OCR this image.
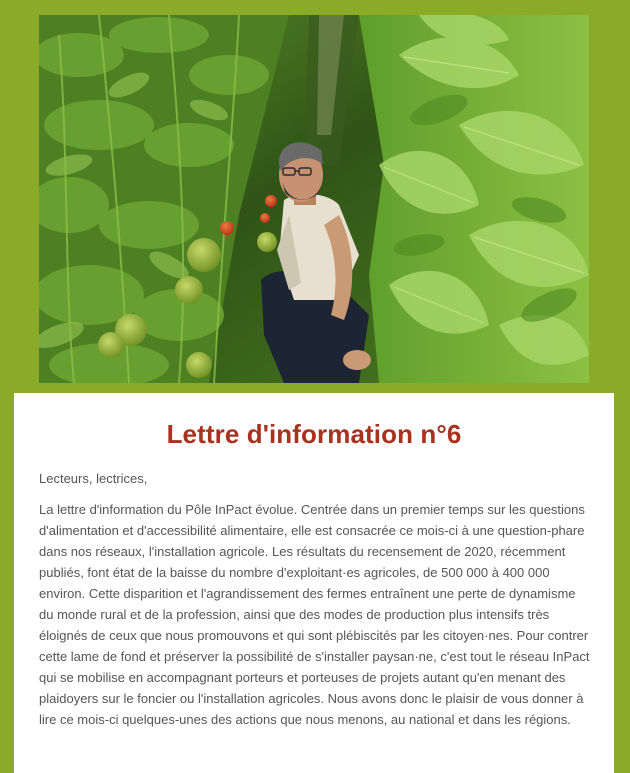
Lettre d'information n°6

Lecteurs, lectrices,

La lettre d'information du Pôle InPact évolue. Centrée dans un premier temps sur les questions d'alimentation et d'accessibilité alimentaire, elle est consacrée ce mois-ci à une question-phare dans nos réseaux, l'installation agricole. Les résultats du recensement de 2020, récemment publiés, font état de la baisse du nombre d'exploitant·es agricoles, de 500 000 à 400 000 environ. Cette disparition et l'agrandissement des fermes entraînent une perte de dynamisme du monde rural et de la profession, ainsi que des modes de production plus intensifs très éloignés de ceux que nous promouvons et qui sont plébiscités par les citoyen·nes. Pour contrer cette lame de fond et préserver la possibilité de s'installer paysan·ne, c'est tout le réseau InPact qui se mobilise en accompagnant porteurs et porteuses de projets autant qu'en menant des plaidoyers sur le foncier ou l'installation agricoles. Nous avons donc le plaisir de vous donner à lire ce mois-ci quelques-unes des actions que nous menons, au national et dans les régions.
